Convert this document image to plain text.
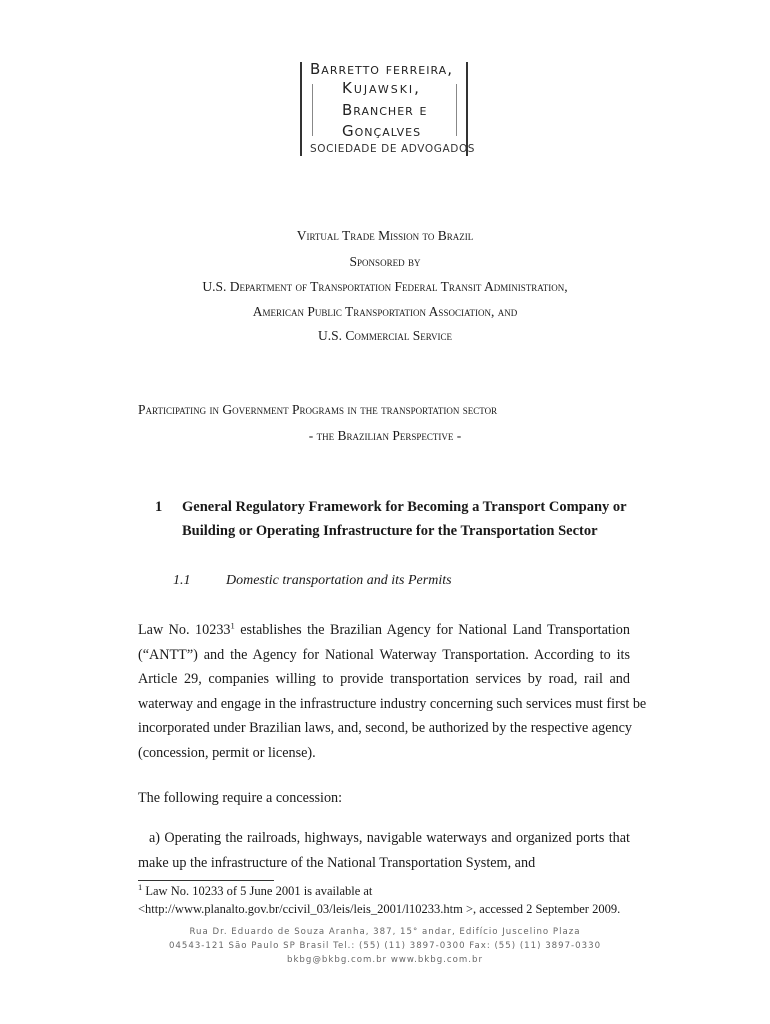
Barretto ferreira,
Kujawski,
Brancher e
Gonçalves
SOCIEDADE DE ADVOGADOS
Virtual Trade Mission to Brazil
Sponsored by
U.S. Department of Transportation Federal Transit Administration,
American Public Transportation Association, and
U.S. Commercial Service
Participating in Government Programs in the transportation sector
- the Brazilian Perspective -
1 General Regulatory Framework for Becoming a Transport Company or
Building or Operating Infrastructure for the Transportation Sector
1.1	Domestic transportation and its Permits
Law No. 10233$^1$ establishes the Brazilian Agency for National Land Transportation
(“ANTT”) and the Agency for National Waterway Transportation. According to its
Article 29, companies willing to provide transportation services by road, rail and
waterway and engage in the infrastructure industry concerning such services must first be
incorporated under Brazilian laws, and, second, be authorized by the respective agency
(concession, permit or license).
The following require a concession:
a) Operating the railroads, highways, navigable waterways and organized ports that
make up the infrastructure of the National Transportation System, and
$^1$ Law No. 10233 of 5 June 2001 is available at
<http://www.planalto.gov.br/ccivil_03/leis/leis_2001/l10233.htm >, accessed 2 September 2009.
Rua Dr. Eduardo de Souza Aranha, 387, 15° andar, Edifício Juscelino Plaza
04543-121 São Paulo SP Brasil Tel.: (55) (11) 3897-0300 Fax: (55) (11) 3897-0330
bkbg@bkbg.com.br www.bkbg.com.br
